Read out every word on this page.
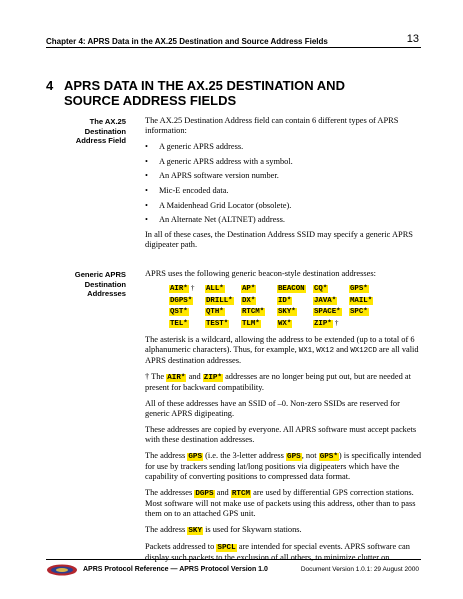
Chapter 4: APRS Data in the AX.25 Destination and Source Address Fields	13
4 APRS DATA IN THE AX.25 DESTINATION AND
SOURCE ADDRESS FIELDS
The AX.25
Destination
Address Field

The AX.25 Destination Address field can contain 6 different types of APRS information:

• A generic APRS address.
• A generic APRS address with a symbol.
• An APRS software version number.
• Mic-E encoded data.
• A Maidenhead Grid Locator (obsolete).
• An Alternate Net (ALTNET) address.

In all of these cases, the Destination Address SSID may specify a generic APRS digipeater path.

Generic APRS
Destination
Addresses

APRS uses the following generic beacon-style destination addresses:

AIR* †	ALL*	AP*	BEACON	CQ*	GPS*
DGPS*	DRILL*	DX*	ID*	JAVA*	MAIL*
QST*	QTH*	RTCM*	SKY*	SPACE*	SPC*
TEL*	TEST*	TLM*	WX*	ZIP* †

The asterisk is a wildcard, allowing the address to be extended (up to a total of 6 alphanumeric characters). Thus, for example, WX1, WX12 and WX12CD are all valid APRS destination addresses.

† The AIR* and ZIP* addresses are no longer being put out, but are needed at present for backward compatibility.

All of these addresses have an SSID of –0. Non-zero SSIDs are reserved for generic APRS digipeating.

These addresses are copied by everyone. All APRS software must accept packets with these destination addresses.

The address GPS (i.e. the 3-letter address GPS, not GPS*) is specifically intended for use by trackers sending lat/long positions via digipeaters which have the capability of converting positions to compressed data format.

The addresses DGPS and RTCM are used by differential GPS correction stations. Most software will not make use of packets using this address, other than to pass them on to an attached GPS unit.

The address SKY is used for Skywarn stations.

Packets addressed to SPCL are intended for special events. APRS software can display such packets to the exclusion of all others, to minimize clutter on

APRS Protocol Reference — APRS Protocol Version 1.0	Document Version 1.0.1: 29 August 2000
